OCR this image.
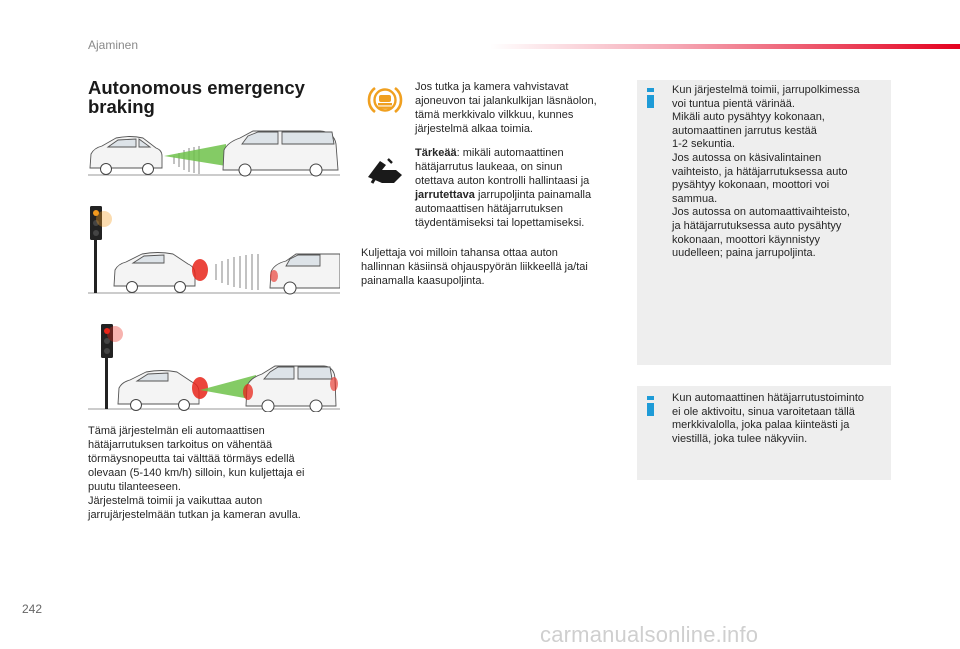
Ajaminen
Autonomous emergency braking
Tämä järjestelmän eli automaattisen
hätäjarrutuksen tarkoitus on vähentää
törmäysnopeutta tai välttää törmäys edellä
olevaan (5-140 km/h) silloin, kun kuljettaja ei
puutu tilanteeseen.
Järjestelmä toimii ja vaikuttaa auton
jarrujärjestelmään tutkan ja kameran avulla.
Jos tutka ja kamera vahvistavat
ajoneuvon tai jalankulkijan läsnäolon,
tämä merkkivalo vilkkuu, kunnes
järjestelmä alkaa toimia.
Tärkeää: mikäli automaattinen
hätäjarrutus laukeaa, on sinun
otettava auton kontrolli hallintaasi ja
jarrutettava jarrupoljinta painamalla
automaattisen hätäjarrutuksen
täydentämiseksi tai lopettamiseksi.
Kuljettaja voi milloin tahansa ottaa auton
hallinnan käsiinsä ohjauspyörän liikkeellä ja/tai
painamalla kaasupoljinta.
Kun järjestelmä toimii, jarrupolkimessa
voi tuntua pientä värinää.
Mikäli auto pysähtyy kokonaan,
automaattinen jarrutus kestää
1-2 sekuntia.
Jos autossa on käsivalintainen
vaihteisto, ja hätäjarrutuksessa auto
pysähtyy kokonaan, moottori voi
sammua.
Jos autossa on automaattivaihteisto,
ja hätäjarrutuksessa auto pysähtyy
kokonaan, moottori käynnistyy
uudelleen; paina jarrupoljinta.
Kun automaattinen hätäjarrutustoiminto
ei ole aktivoitu, sinua varoitetaan tällä
merkkivalolla, joka palaa kiinteästi ja
viestillä, joka tulee näkyviin.
242
carmanualsonline.info
